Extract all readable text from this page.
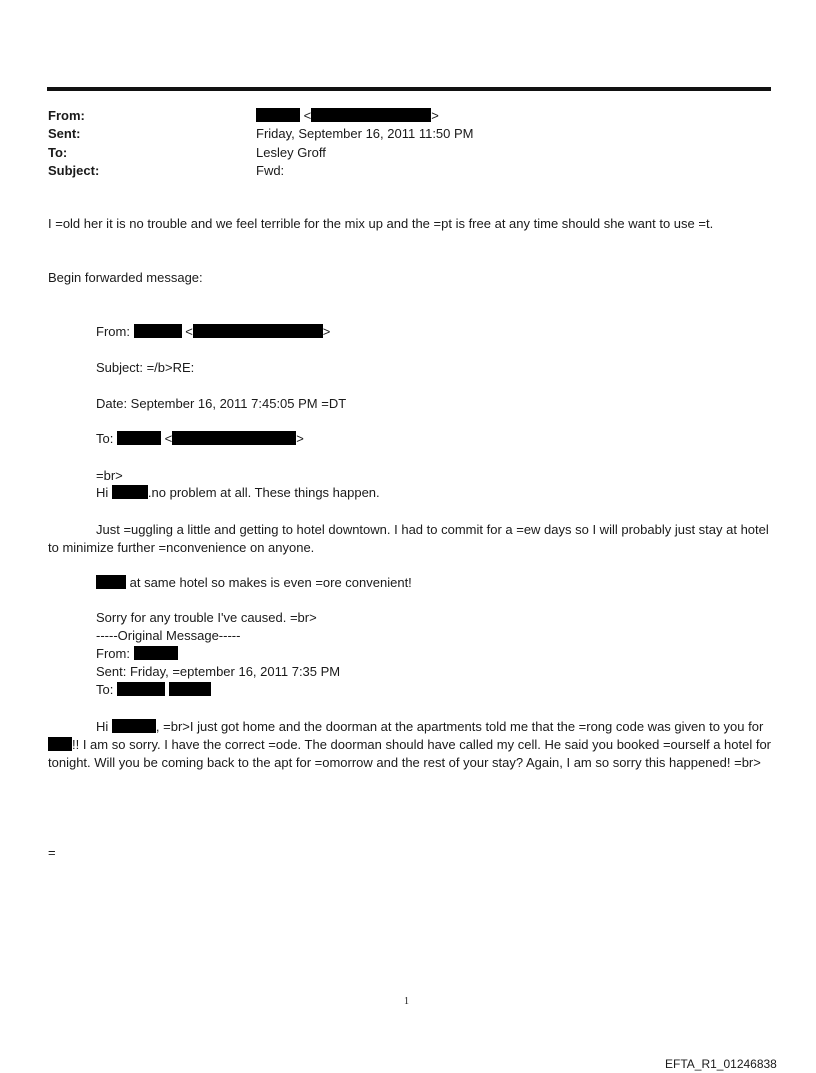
From:	<	>
Sent:	Friday, September 16, 2011 11:50 PM
To:	Lesley Groff
Subject:	Fwd:
I =old her it is no trouble and we feel terrible for the mix up and the =pt is free at any time should she want to use =t.
Begin forwarded message:
From:	<	>
Subject: =/b>RE:
Date: September 16, 2011 7:45:05 PM =DT
To:	<	>
=br>
Hi	.no problem at all. These things happen.
Just =uggling a little and getting to hotel downtown. I had to commit for a =ew days so I will probably just stay at hotel to minimize further =nconvenience on anyone.
at same hotel so makes is even =ore convenient!
Sorry for any trouble I've caused. =br>
-----Original Message-----
From:
Sent: Friday, =eptember 16, 2011 7:35 PM
To:
Hi	, =br>I just got home and the doorman at the apartments told me that the =rong code was given to you for !! I am so sorry. I have the correct =ode. The doorman should have called my cell. He said you booked =ourself a hotel for tonight. Will you be coming back to the apt for =omorrow and the rest of your stay? Again, I am so sorry this happened! =br>
=
1
EFTA_R1_01246838
